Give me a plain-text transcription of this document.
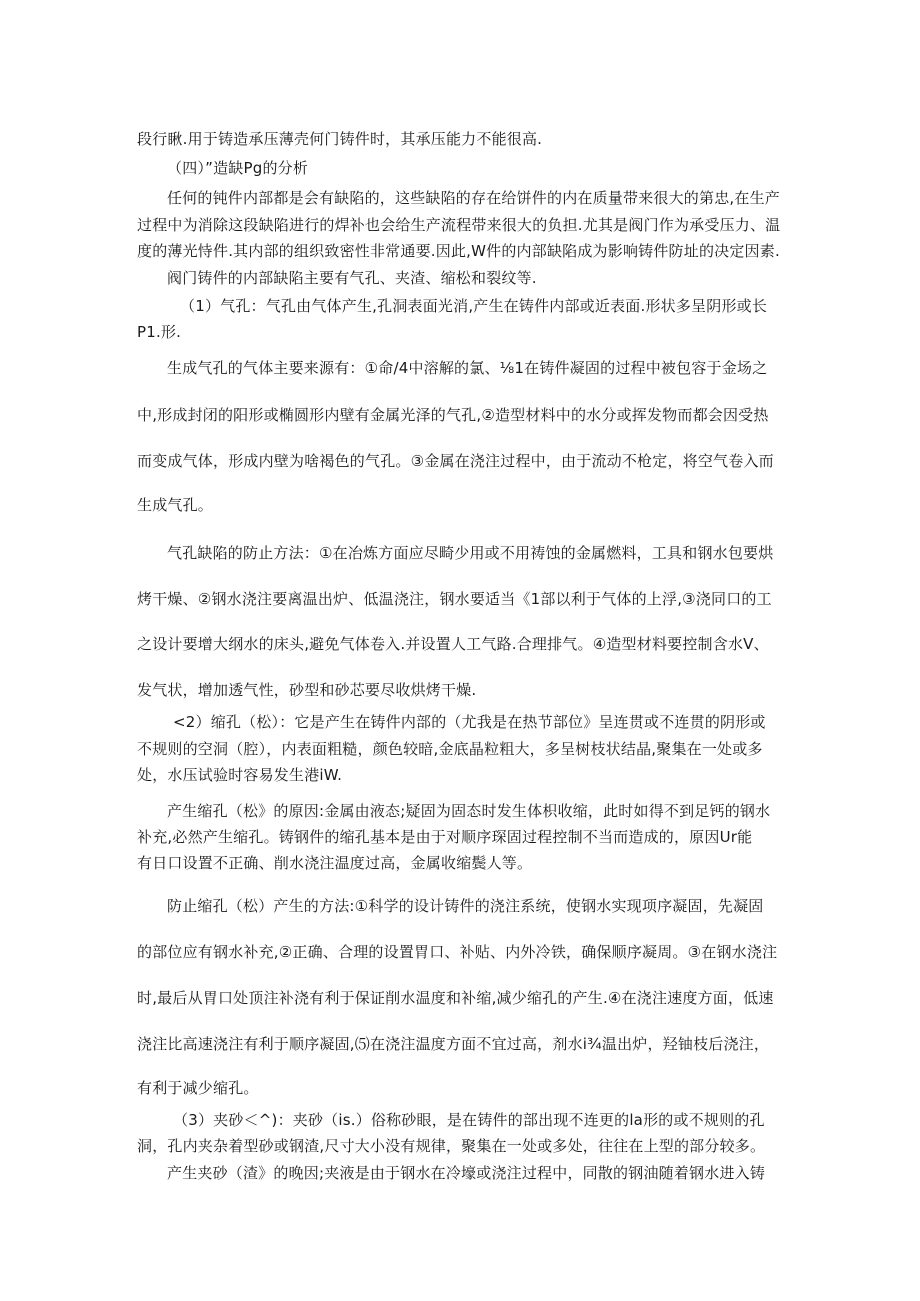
段行瞅.用于铸造承压薄壳何门铸件时，其承压能力不能很高.
（四）”造缺Pg的分析
任何的钝件内部都是会有缺陷的，这些缺陷的存在给饼件的内在质量带来很大的第忠,在生产
过程中为消除这段缺陷进行的焊补也会给生产流程带来很大的负担.尤其是阀门作为承受压力、温
度的薄光恃件.其内部的组织致密性非常通要.因此,W件的内部缺陷成为影响铸件防址的决定因素.
阀门铸件的内部缺陷主要有气孔、夹渣、缩松和裂纹等.
（1）气孔：气孔由气体产生,孔洞表面光消,产生在铸件内部或近表面.形状多呈阴形或长
P1.形.
生成气孔的气体主要来源有：①命/4中溶解的氯、⅛1在铸件凝固的过程中被包容于金场之
中,形成封闭的阳形或椭圆形内壁有金属光泽的气孔,②造型材料中的水分或挥发物而都会因受热
而变成气体，形成内壁为啥褐色的气孔。③金属在浇注过程中，由于流动不枪定，将空气卷入而
生成气孔。
气孔缺陷的防止方法：①在冶炼方面应尽畸少用或不用祷蚀的金属燃料，工具和钢水包要烘
烤干燥、②钢水浇注要离温出炉、低温浇注，钢水要适当《1部以利于气体的上浮,③浇同口的工
之设计要增大纲水的床头,避免气体卷入.并设置人工气路.合理排气。④造型材料要控制含水V、
发气状，增加透气性，砂型和砂芯要尽收烘烤干燥.
<2）缩孔（松）：它是产生在铸件内部的（尤我是在热节部位》呈连贯或不连贯的阴形或
不规则的空洞（腔），内表面粗糙，颜色较暗,金底晶粒粗大，多呈树枝状结晶,聚集在一处或多
处，水压试验时容易发生港iW.
产生缩孔（松》的原因:金属由液态;疑固为固态时发生体枳收缩，此时如得不到足钙的钢水
补充,必然产生缩孔。铸钢件的缩孔基本是由于对顺序琛固过程控制不当而造成的，原因Ur能
有日口设置不正确、削水浇注温度过高，金属收缩鬓人等。
防止缩孔（松）产生的方法:①科学的设计铸件的浇注系统，使钢水实现项序凝固，先凝固
的部位应有钢水补充,②正确、合理的设置胃口、补贴、内外冷铁，确保顺序凝周。③在钢水浇注
时,最后从胃口处顶注补浇有利于保证削水温度和补缩,减少缩孔的产生.④在浇注速度方面，低速
浇注比高速浇注有利于顺序凝固,⑸在浇注温度方面不宜过高，剂水i¾温出炉，羟铀枝后浇注，
有利于减少缩孔。
（3）夹砂＜^)：夹砂（is.）俗称砂眼，是在铸件的部出现不连更的la形的或不规则的孔
洞，孔内夹杂着型砂或钢渣,尺寸大小没有规律，聚集在一处或多处，往往在上型的部分较多。
产生夹砂（渣》的晚因;夹液是由于钢水在冷壕或浇注过程中，同散的钢油随着钢水进入铸
